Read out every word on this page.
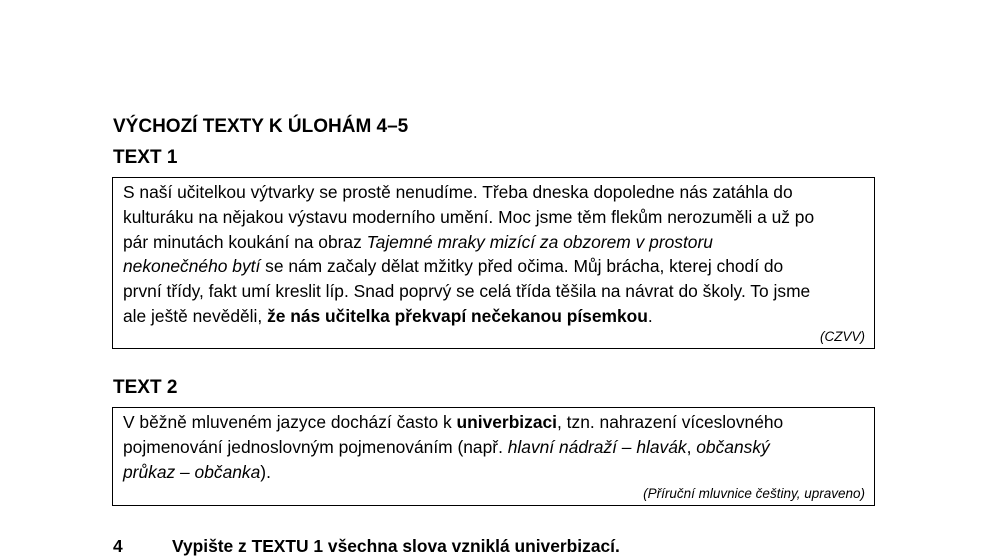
VÝCHOZÍ TEXTY K ÚLOHÁM 4–5
TEXT 1

S naší učitelkou výtvarky se prostě nenudíme. Třeba dneska dopoledne nás zatáhla do
kulturáku na nějakou výstavu moderního umění. Moc jsme těm flekům nerozuměli a už po
pár minutách koukání na obraz Tajemné mraky mizící za obzorem v prostoru
nekonečného bytí se nám začaly dělat mžitky před očima. Můj brácha, kterej chodí do
první třídy, fakt umí kreslit líp. Snad poprvý se celá třída těšila na návrat do školy. To jsme
ale ještě nevěděli, že nás učitelka překvapí nečekanou písemkou.

(CZVV)
TEXT 2

V běžně mluveném jazyce dochází často k univerbizaci, tzn. nahrazení víceslovného
pojmenování jednoslovným pojmenováním (např. hlavní nádraží – hlavák, občanský
průkaz – občanka).

(Příruční mluvnice češtiny, upraveno)
4	Vypište z TEXTU 1 všechna slova vzniklá univerbizací.
